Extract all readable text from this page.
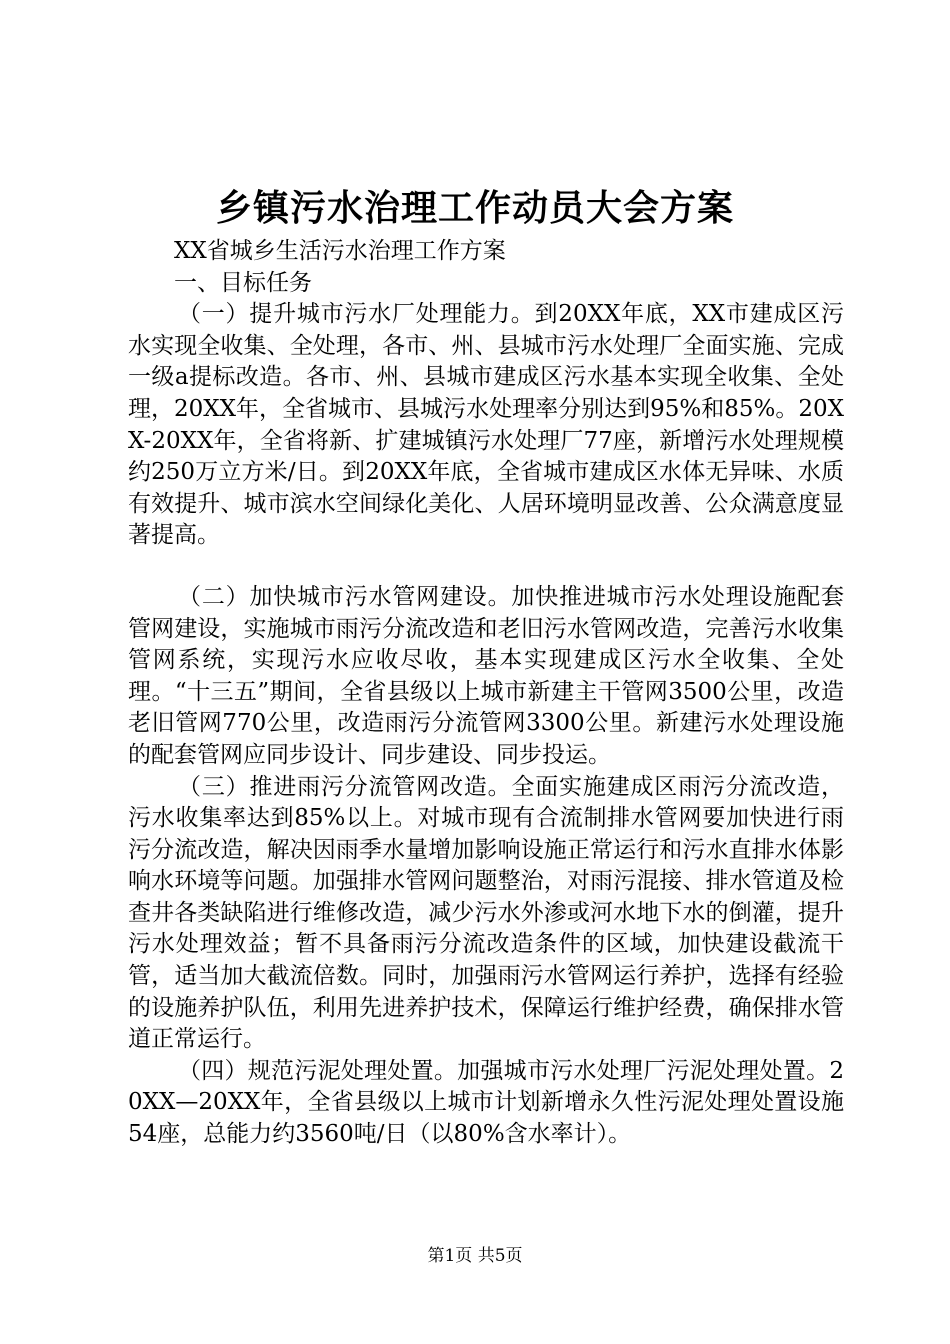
乡镇污水治理工作动员大会方案

XX省城乡生活污水治理工作方案

一、目标任务

（一）提升城市污水厂处理能力。到20XX年底，XX市建成区污水实现全收集、全处理，各市、州、县城市污水处理厂全面实施、完成一级a提标改造。各市、州、县城市建成区污水基本实现全收集、全处理，20XX年，全省城市、县城污水处理率分别达到95%和85%。20XX-20XX年，全省将新、扩建城镇污水处理厂77座，新增污水处理规模约250万立方米/日。到20XX年底，全省城市建成区水体无异味、水质有效提升、城市滨水空间绿化美化、人居环境明显改善、公众满意度显著提高。

（二）加快城市污水管网建设。加快推进城市污水处理设施配套管网建设，实施城市雨污分流改造和老旧污水管网改造，完善污水收集管网系统，实现污水应收尽收，基本实现建成区污水全收集、全处理。“十三五”期间，全省县级以上城市新建主干管网3500公里，改造老旧管网770公里，改造雨污分流管网3300公里。新建污水处理设施的配套管网应同步设计、同步建设、同步投运。

（三）推进雨污分流管网改造。全面实施建成区雨污分流改造，污水收集率达到85%以上。对城市现有合流制排水管网要加快进行雨污分流改造，解决因雨季水量增加影响设施正常运行和污水直排水体影响水环境等问题。加强排水管网问题整治，对雨污混接、排水管道及检查井各类缺陷进行维修改造，减少污水外渗或河水地下水的倒灌，提升污水处理效益；暂不具备雨污分流改造条件的区域，加快建设截流干管，适当加大截流倍数。同时，加强雨污水管网运行养护，选择有经验的设施养护队伍，利用先进养护技术，保障运行维护经费，确保排水管道正常运行。

（四）规范污泥处理处置。加强城市污水处理厂污泥处理处置。20XX—20XX年，全省县级以上城市计划新增永久性污泥处理处置设施54座，总能力约3560吨/日（以80%含水率计）。

第1页 共5页
